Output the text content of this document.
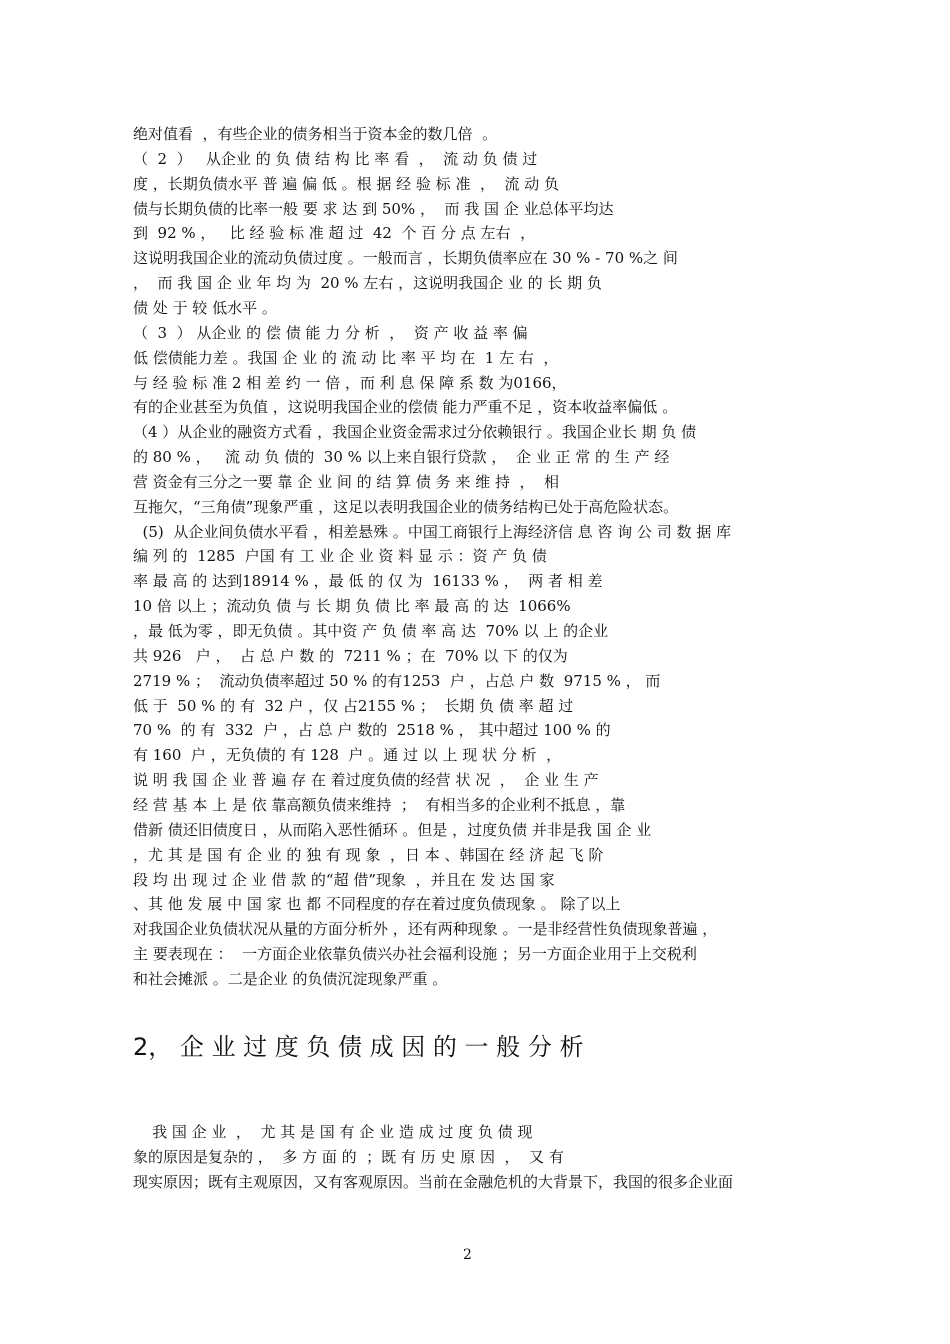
绝对值看  ，有些企业的债务相当于资本金的数几倍  。
（  2  ）   从企业 的 负 债 结 构 比 率 看  ，  流 动 负 债 过
度 ，长期负债水平 普 遍 偏 低 。根 据 经 验 标 准  ，  流 动 负
债与长期负债的比率一般 要 求 达 到 50% ，  而 我 国 企 业总体平均达
到  92 % ，   比 经 验 标 准 超 过  42  个 百 分 点 左右  ，
这说明我国企业的流动负债过度 。一般而言 ，长期负债率应在 30 % - 70 %之 间
，  而 我 国 企 业 年 均 为  20 % 左右 ，这说明我国企 业 的 长 期 负
债 处 于 较 低水平 。
（  3  ） 从企业 的 偿 债 能 力 分 析  ，  资 产 收 益 率 偏
低 偿债能力差 。我国 企 业 的 流 动 比 率 平 均 在  1 左 右  ，
与 经 验 标 准 2 相 差 约 一 倍 ，而 利 息 保 障 系 数 为0166，
有的企业甚至为负值 ，这说明我国企业的偿债 能力严重不足 ，资本收益率偏低 。
（4 ）从企业的融资方式看 ，我国企业资金需求过分依赖银行 。我国企业长 期 负 债
的 80 % ，   流 动 负 债的  30 % 以上来自银行贷款 ，  企 业 正 常 的 生 产 经
营 资金有三分之一要 靠 企 业 间 的 结 算 债 务 来 维 持  ，  相
互拖欠，“三角债”现象严重 ，这足以表明我国企业的债务结构已处于高危险状态。
(5)  从企业间负债水平看 ，相差悬殊 。中国工商银行上海经济信 息 咨 询 公 司 数 据 库
编 列 的  1285  户国 有 工 业 企 业 资 料 显 示 ：资 产 负 债
率 最 高 的 达到18914 % ，最 低 的 仅 为  16133 % ，  两 者 相 差
10 倍 以上 ；流动负 债 与 长 期 负 债 比 率 最 高 的 达  1066%
，最 低为零 ，即无负债 。其中资 产 负 债 率 高 达  70% 以 上 的企业
共 926   户 ，  占 总 户 数 的  7211 % ；在  70% 以 下 的仅为
2719 % ；  流动负债率超过 50 % 的有1253  户 ，占总 户 数  9715 % ， 而
低 于  50 % 的 有  32 户 ，仅 占2155 % ；  长期 负 债 率 超 过
70 %  的 有  332  户 ，占 总 户 数的  2518 % ， 其中超过 100 % 的
有 160  户 ，无负债的 有 128  户 。通 过 以 上 现 状 分 析  ，
说 明 我 国 企 业 普 遍 存 在 着过度负债的经营 状 况  ，  企 业 生 产
经 营 基 本 上 是 依 靠高额负债来维持  ；  有相当多的企业利不抵息 ，靠
借新 债还旧债度日 ，从而陷入恶性循环 。但是 ，过度负债 并非是我 国 企 业
，尤 其 是 国 有 企 业 的 独 有 现 象  ，日 本 、韩国在 经 济 起 飞 阶
段 均 出 现 过 企 业 借 款 的“超 借”现象  ，并且在 发 达 国 家
、其 他 发 展 中 国 家 也 都 不同程度的存在着过度负债现象 。 除了以上
对我国企业负债状况从量的方面分析外 ，还有两种现象 。一是非经营性负债现象普遍 ，
主 要表现在 ：  一方面企业依靠负债兴办社会福利设施 ；另一方面企业用于上交税利
和社会摊派 。二是企业 的负债沉淀现象严重 。
2， 企 业 过 度 负 债 成 因 的 一 般 分 析
我 国 企 业  ，  尤 其 是 国 有 企 业 造 成 过 度 负 债 现
象的原因是复杂的 ，  多 方 面 的  ；既 有 历 史 原 因  ，  又 有
现实原因；既有主观原因，又有客观原因。当前在金融危机的大背景下，我国的很多企业面
2
